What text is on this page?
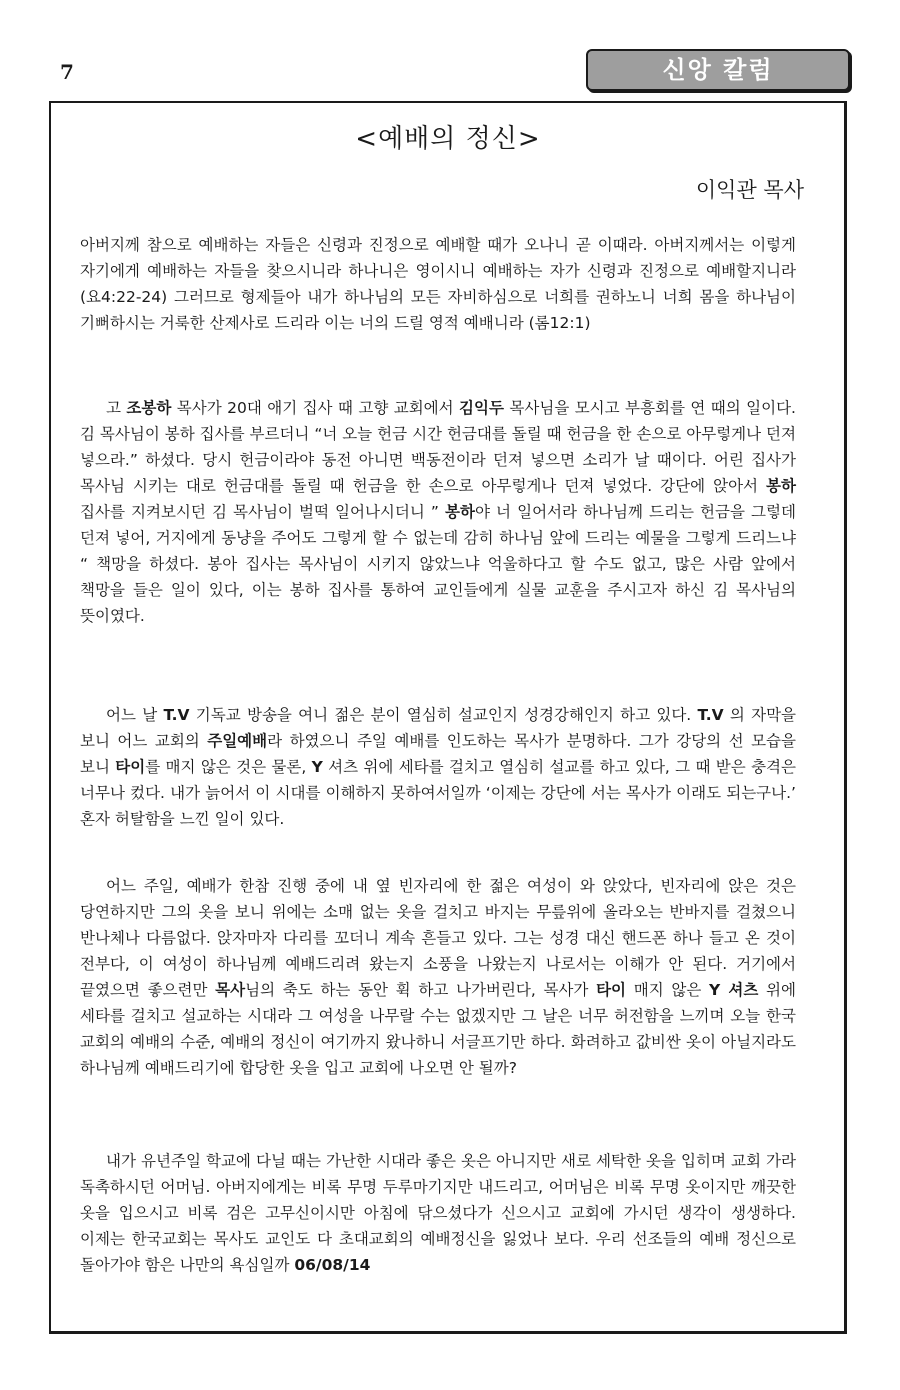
7	신앙 칼럼
<예배의 정신>
이익관 목사

아버지께 참으로 예배하는 자들은 신령과 진정으로 예배할 때가 오나니 곧 이때라. 아버지께서는 이렇게 자기에게 예배하는 자들을 찾으시니라 하나니은 영이시니 예배하는 자가 신령과 진정으로 예배할지니라(요4:22-24) 그러므로 형제들아 내가 하나님의 모든 자비하심으로 너희를 권하노니 너희 몸을 하나님이 기뻐하시는 거룩한 산제사로 드리라 이는 너의 드릴 영적 예배니라 (롬12:1)

고 조봉하 목사가 20대 애기 집사 때 고향 교회에서 김익두 목사님을 모시고 부흥회를 연 때의 일이다. 김 목사님이 봉하 집사를 부르더니 “너 오늘 헌금 시간 헌금대를 돌릴 때 헌금을 한 손으로 아무렇게나 던져 넣으라.” 하셨다. 당시 헌금이라야 동전 아니면 백동전이라 던져 넣으면 소리가 날 때이다. 어린 집사가 목사님 시키는 대로 헌금대를 돌릴 때 헌금을 한 손으로 아무렇게나 던져 넣었다. 강단에 앉아서 봉하 집사를 지켜보시던 김 목사님이 벌떡 일어나시더니 ” 봉하야 너 일어서라 하나님께 드리는 헌금을 그렇데 던져 넣어, 거지에게 동냥을 주어도 그렇게 할 수 없는데 감히 하나님 앞에 드리는 예물을 그렇게 드리느냐 “ 책망을 하셨다. 봉아 집사는 목사님이 시키지 않았느냐 억울하다고 할 수도 없고, 많은 사람 앞에서 책망을 들은 일이 있다, 이는 봉하 집사를 통하여 교인들에게 실물 교훈을 주시고자 하신 김 목사님의 뜻이였다.

어느 날 T.V 기독교 방송을 여니 젊은 분이 열심히 설교인지 성경강해인지 하고 있다. T.V 의 자막을 보니 어느 교회의 주일예배라 하였으니 주일 예배를 인도하는 목사가 분명하다. 그가 강당의 선 모습을 보니 타이를 매지 않은 것은 물론, Y 셔츠 위에 세타를 걸치고 열심히 설교를 하고 있다, 그 때 받은 충격은 너무나 컸다. 내가 늙어서 이 시대를 이해하지 못하여서일까 ‘이제는 강단에 서는 목사가 이래도 되는구나.’ 혼자 허탈함을 느낀 일이 있다.

어느 주일, 예배가 한참 진행 중에 내 옆 빈자리에 한 젊은 여성이 와 앉았다, 빈자리에 앉은 것은 당연하지만 그의 옷을 보니 위에는 소매 없는 옷을 걸치고 바지는 무릎위에 올라오는 반바지를 걸쳤으니 반나체나 다름없다. 앉자마자 다리를 꼬더니 계속 흔들고 있다. 그는 성경 대신 핸드폰 하나 들고 온 것이 전부다, 이 여성이 하나님께 예배드리려 왔는지 소풍을 나왔는지 나로서는 이해가 안 된다. 거기에서 끝였으면 좋으련만 목사님의 축도 하는 동안 휙 하고 나가버린다, 목사가 타이 매지 않은 Y 셔츠 위에 세타를 걸치고 설교하는 시대라 그 여성을 나무랄 수는 없겠지만 그 날은 너무 허전함을 느끼며 오늘 한국 교회의 예배의 수준, 예배의 정신이 여기까지 왔나하니 서글프기만 하다. 화려하고 값비싼 옷이 아닐지라도 하나님께 예배드리기에 합당한 옷을 입고 교회에 나오면 안 될까?

내가 유년주일 학교에 다닐 때는 가난한 시대라 좋은 옷은 아니지만 새로 세탁한 옷을 입히며 교회 가라 독촉하시던 어머님. 아버지에게는 비록 무명 두루마기지만 내드리고, 어머님은 비록 무명 옷이지만 깨끗한 옷을 입으시고 비록 검은 고무신이시만 아침에 닦으셨다가 신으시고 교회에 가시던 생각이 생생하다. 이제는 한국교회는 목사도 교인도 다 초대교회의 예배정신을 잃었나 보다. 우리 선조들의 예배 정신으로 돌아가야 함은 나만의 욕심일까 06/08/14
